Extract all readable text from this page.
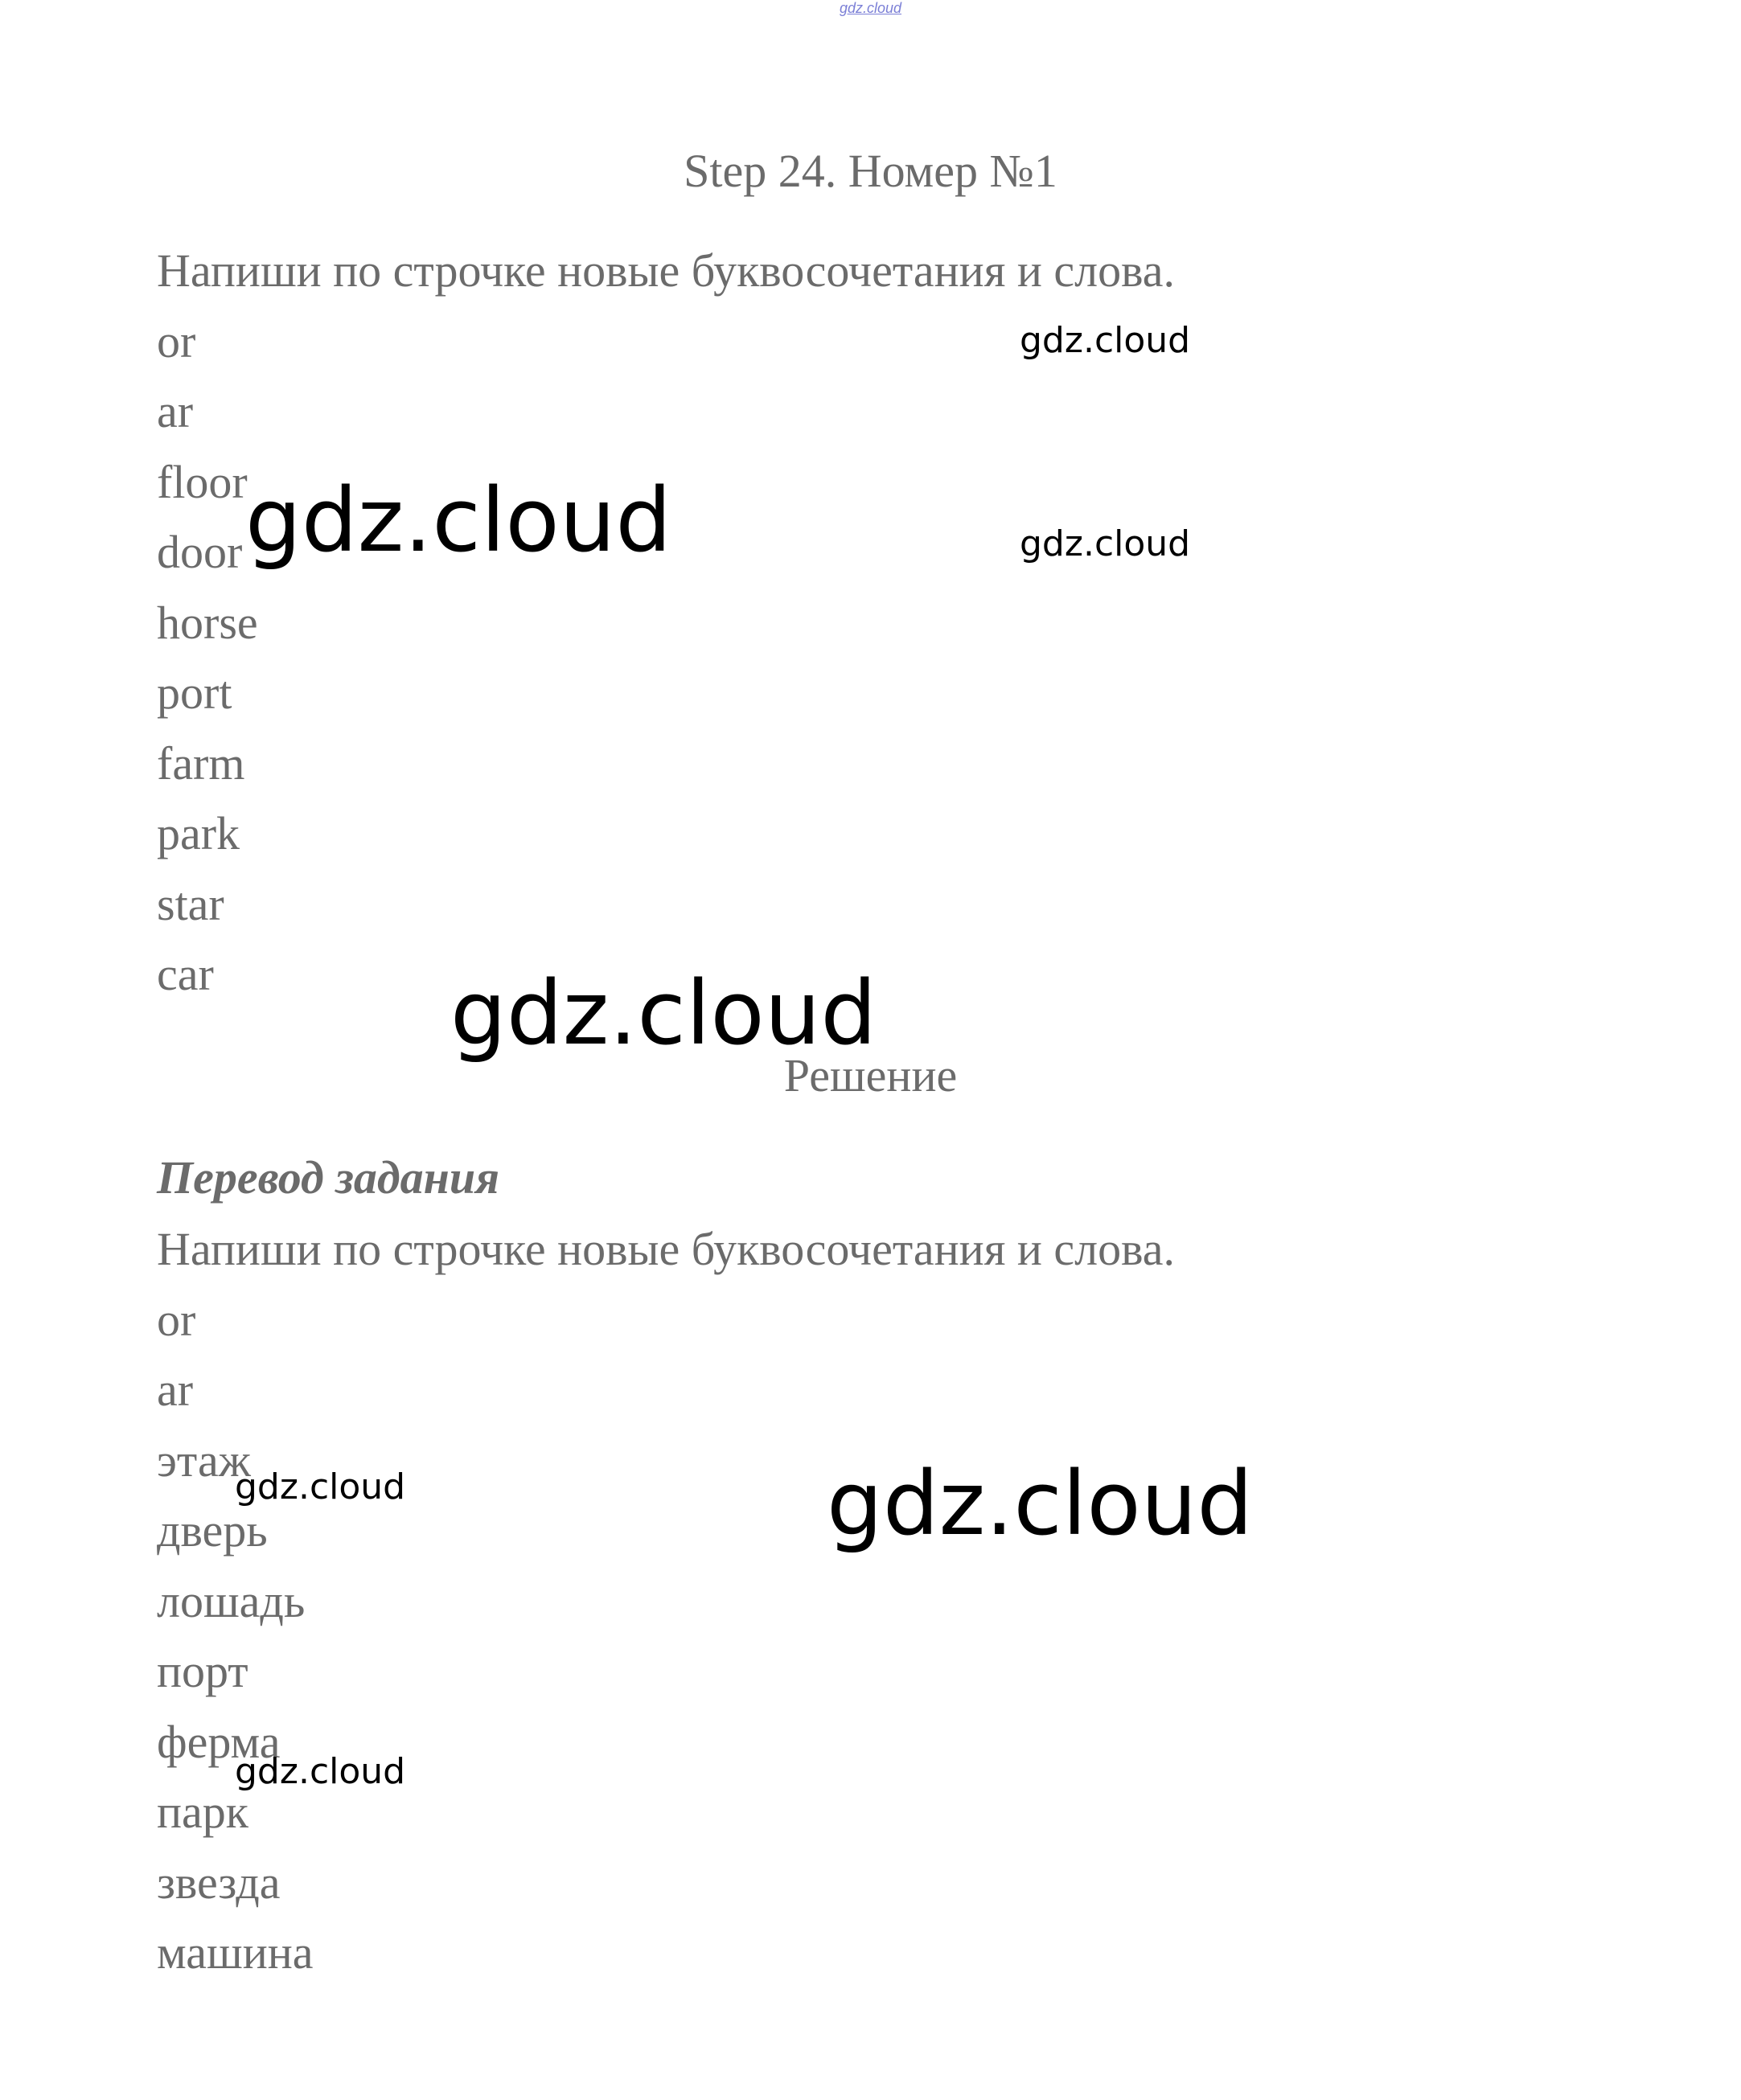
gdz.cloud
Step 24. Номер №1
Напиши по строчке новые буквосочетания и слова.
or
ar
floor
door
horse
port
farm
park
star
car
Решение
Перевод задания
Напиши по строчке новые буквосочетания и слова.
or
ar
этаж
дверь
лошадь
порт
ферма
парк
звезда
машина
gdz.cloud
gdz.cloud
gdz.cloud
gdz.cloud
gdz.cloud	gdz.cloud
gdz.cloud
